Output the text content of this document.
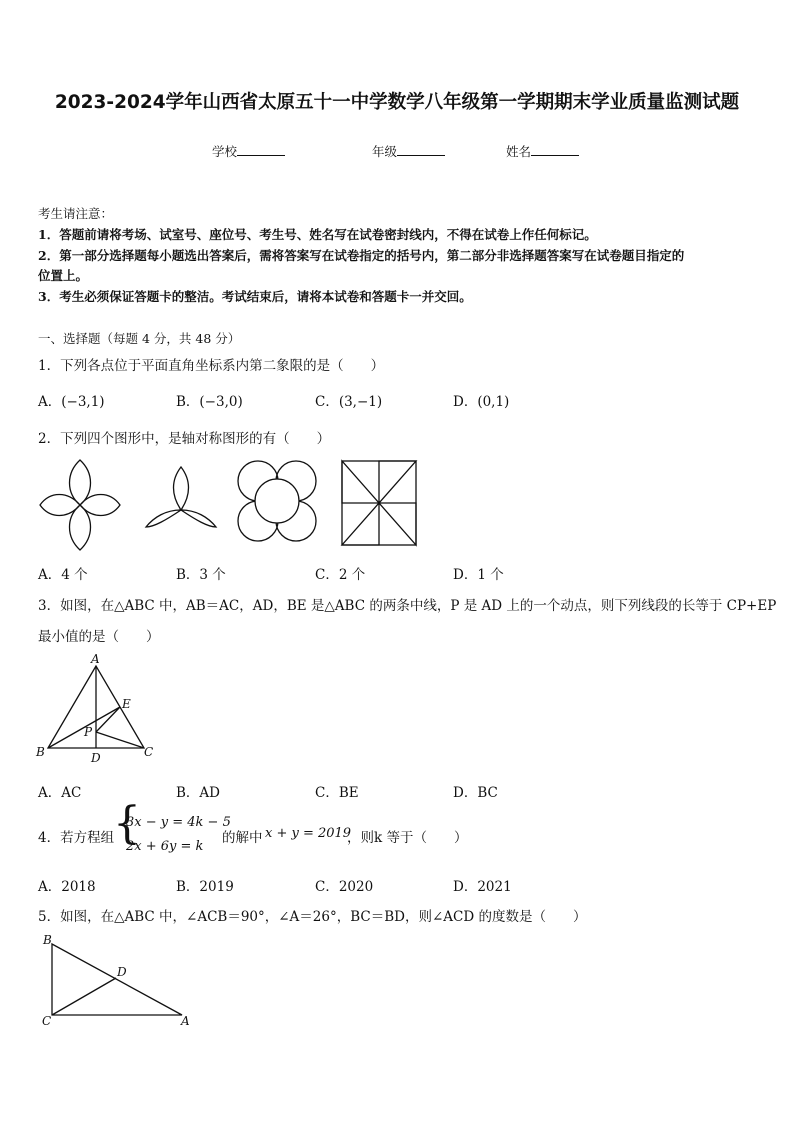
2023-2024学年山西省太原五十一中学数学八年级第一学期期末学业质量监测试题
学校	年级	姓名
考生请注意：
1．答题前请将考场、试室号、座位号、考生号、姓名写在试卷密封线内，不得在试卷上作任何标记。
2．第一部分选择题每小题选出答案后，需将答案写在试卷指定的括号内，第二部分非选择题答案写在试卷题目指定的
位置上。
3．考生必须保证答题卡的整洁。考试结束后，请将本试卷和答题卡一并交回。
一、选择题（每题 4 分，共 48 分）
1．下列各点位于平面直角坐标系内第二象限的是（　　）
A．(−3,1)	B．(−3,0)	C．(3,−1)	D．(0,1)
2．下列四个图形中，是轴对称图形的有（　　）
A．4 个	B．3 个	C．2 个	D．1 个
3．如图，在△ABC 中，AB＝AC，AD，BE 是△ABC 的两条中线，P 是 AD 上的一个动点，则下列线段的长等于 CP+EP
最小值的是（　　）
A
B	C
D
E
P
A．AC	B．AD	C．BE	D．BC
4．若方程组
{
3x − y = 4k − 5
2x + 6y = k
的解中 x + y = 2019
，则k 等于（　　）
A．2018	B．2019	C．2020	D．2021
5．如图，在△ABC 中，∠ACB＝90°，∠A＝26°，BC＝BD，则∠ACD 的度数是（　　）
B
C	A
D
